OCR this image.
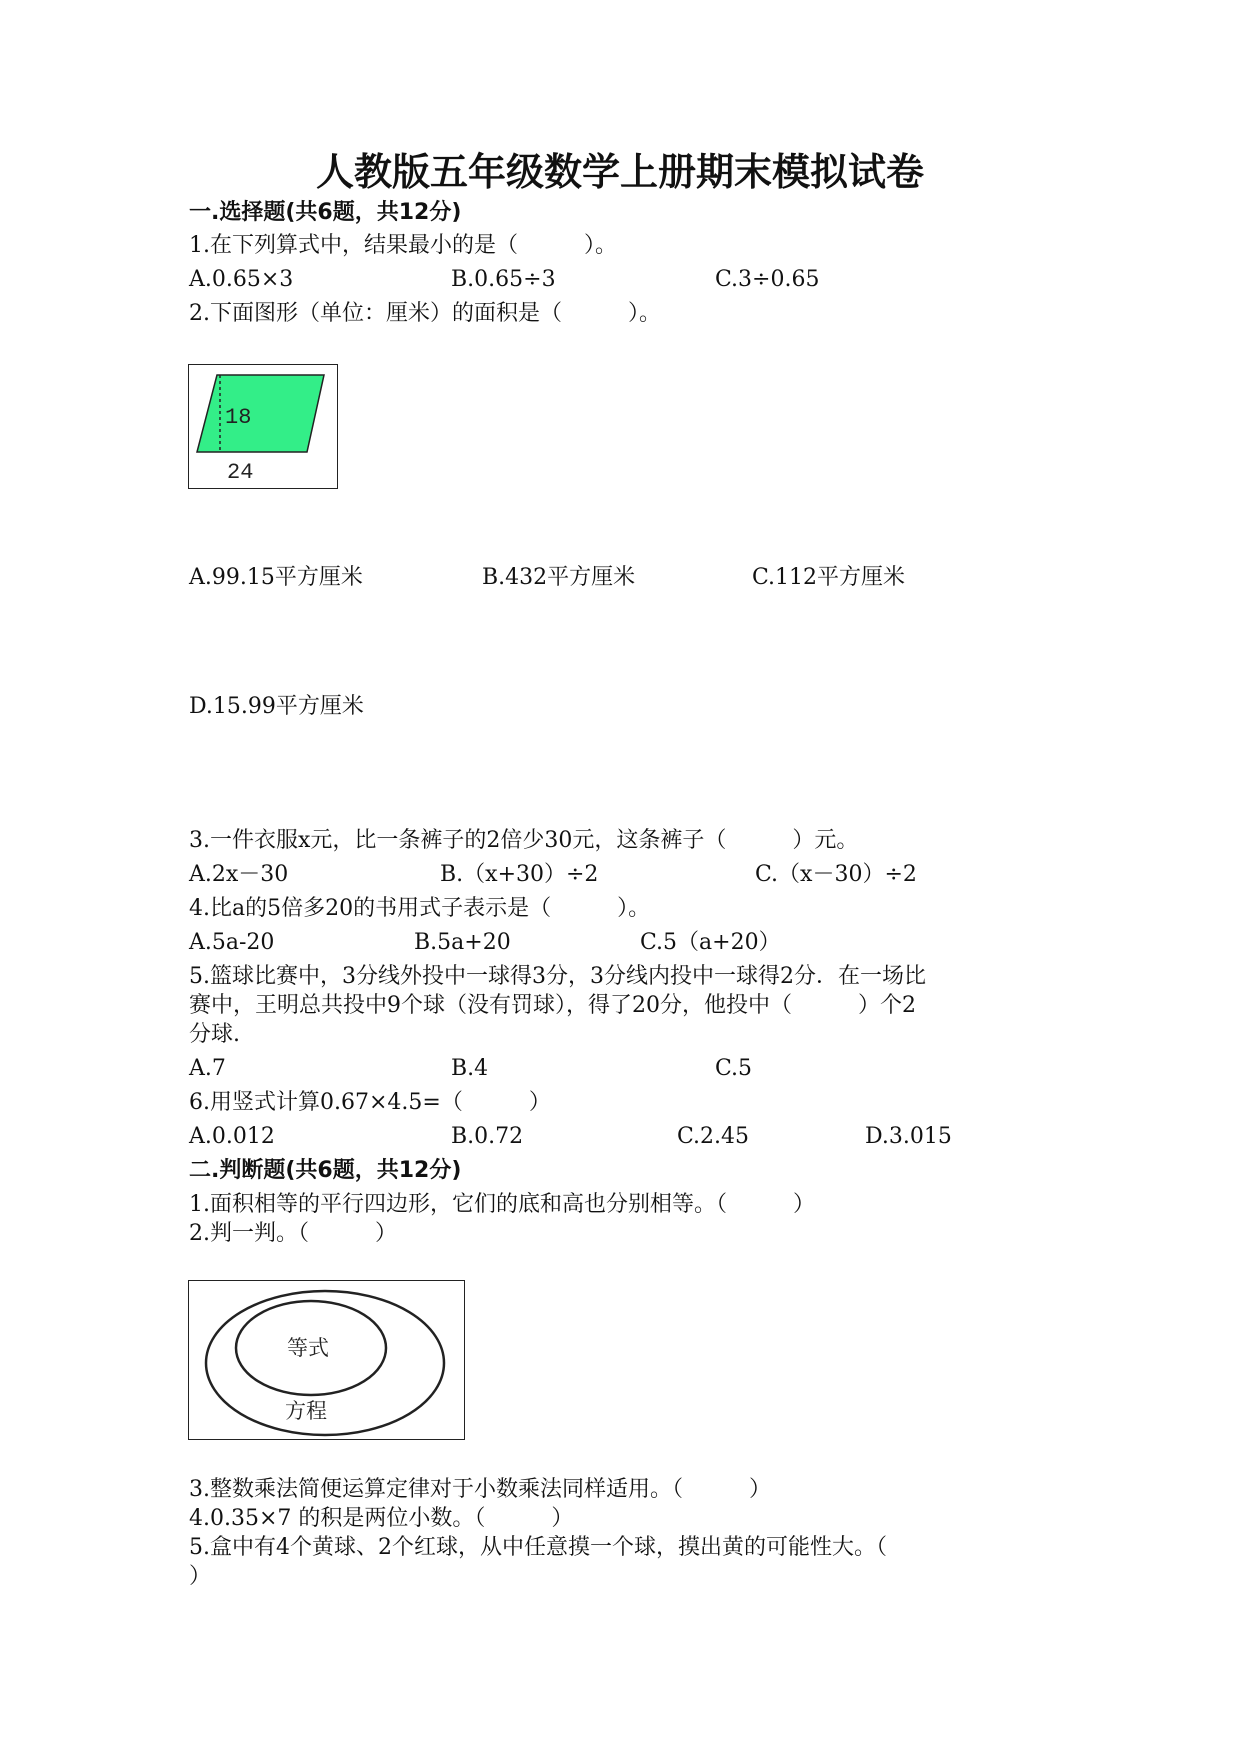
人教版五年级数学上册期末模拟试卷
一.选择题(共6题，共12分)
1.在下列算式中，结果最小的是（　　　）。
A.0.65×3	B.0.65÷3	C.3÷0.65
2.下面图形（单位：厘米）的面积是（　　　）。
18
24
A.99.15平方厘米	B.432平方厘米	C.112平方厘米
D.15.99平方厘米
3.一件衣服x元，比一条裤子的2倍少30元，这条裤子（　　　）元。
A.2x－30	B.（x+30）÷2	C.（x－30）÷2
4.比a的5倍多20的书用式子表示是（　　　）。
A.5a-20	B.5a+20	C.5（a+20）
5.篮球比赛中，3分线外投中一球得3分，3分线内投中一球得2分．在一场比
赛中，王明总共投中9个球（没有罚球），得了20分，他投中（　　　）个2
分球.
A.7	B.4	C.5
6.用竖式计算0.67×4.5=（　　　）
A.0.012	B.0.72	C.2.45	D.3.015
二.判断题(共6题，共12分)
1.面积相等的平行四边形，它们的底和高也分别相等。（　　　）
2.判一判。（　　　）
等式
方程
3.整数乘法简便运算定律对于小数乘法同样适用。（　　　）
4.0.35×7 的积是两位小数。（　　　）
5.盒中有4个黄球、2个红球，从中任意摸一个球，摸出黄的可能性大。（
）
